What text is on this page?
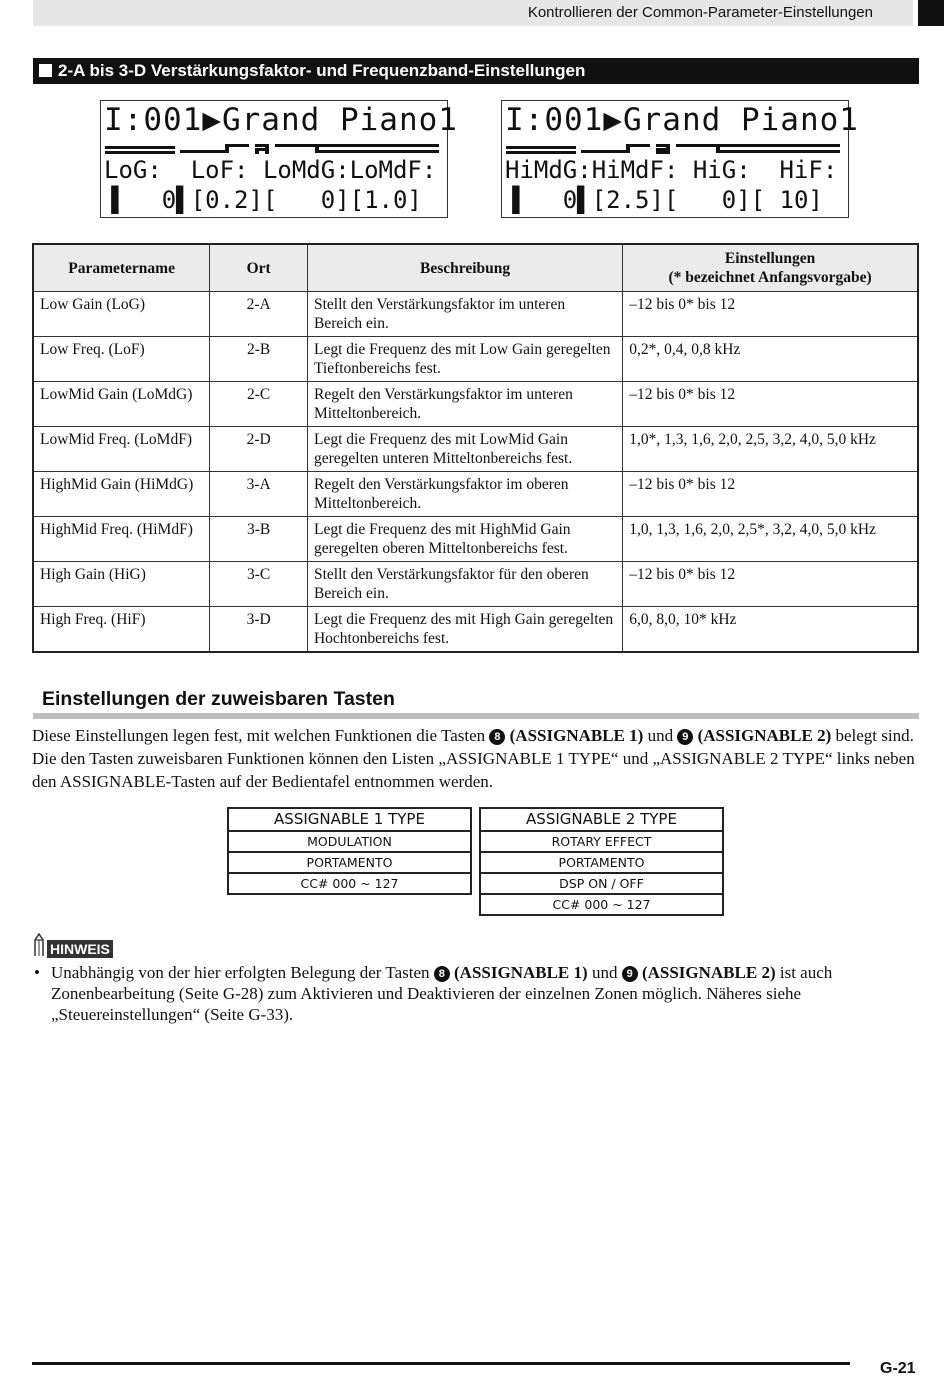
Kontrollieren der Common-Parameter-Einstellungen
2-A bis 3-D Verstärkungsfaktor- und Frequenzband-Einstellungen
I:001▶Grand Piano1
LoG:  LoF: LoMdG:LoMdF:
▐   0▌[0.2][   0][1.0]
I:001▶Grand Piano1
HiMdG:HiMdF: HiG:  HiF:
▐   0▌[2.5][   0][ 10]
Parametername	Ort	Beschreibung	Einstellungen
(* bezeichnet Anfangsvorgabe)
Low Gain (LoG)	2-A	Stellt den Verstärkungsfaktor im unteren Bereich ein.	–12 bis 0* bis 12
Low Freq. (LoF)	2-B	Legt die Frequenz des mit Low Gain geregelten Tieftonbereichs fest.	0,2*, 0,4, 0,8 kHz
LowMid Gain (LoMdG)	2-C	Regelt den Verstärkungsfaktor im unteren Mitteltonbereich.	–12 bis 0* bis 12
LowMid Freq. (LoMdF)	2-D	Legt die Frequenz des mit LowMid Gain geregelten unteren Mitteltonbereichs fest.	1,0*, 1,3, 1,6, 2,0, 2,5, 3,2, 4,0, 5,0 kHz
HighMid Gain (HiMdG)	3-A	Regelt den Verstärkungsfaktor im oberen Mitteltonbereich.	–12 bis 0* bis 12
HighMid Freq. (HiMdF)	3-B	Legt die Frequenz des mit HighMid Gain geregelten oberen Mitteltonbereichs fest.	1,0, 1,3, 1,6, 2,0, 2,5*, 3,2, 4,0, 5,0 kHz
High Gain (HiG)	3-C	Stellt den Verstärkungsfaktor für den oberen Bereich ein.	–12 bis 0* bis 12
High Freq. (HiF)	3-D	Legt die Frequenz des mit High Gain geregelten Hochtonbereichs fest.	6,0, 8,0, 10* kHz
Einstellungen der zuweisbaren Tasten
Diese Einstellungen legen fest, mit welchen Funktionen die Tasten 8 (ASSIGNABLE 1) und 9 (ASSIGNABLE 2) belegt sind. Die den Tasten zuweisbaren Funktionen können den Listen „ASSIGNABLE 1 TYPE“ und „ASSIGNABLE 2 TYPE“ links neben den ASSIGNABLE-Tasten auf der Bedientafel entnommen werden.
ASSIGNABLE 1 TYPE
MODULATION
PORTAMENTO
CC# 000 ~ 127
ASSIGNABLE 2 TYPE
ROTARY EFFECT
PORTAMENTO
DSP ON / OFF
CC# 000 ~ 127
HINWEIS
• Unabhängig von der hier erfolgten Belegung der Tasten 8 (ASSIGNABLE 1) und 9 (ASSIGNABLE 2) ist auch Zonenbearbeitung (Seite G-28) zum Aktivieren und Deaktivieren der einzelnen Zonen möglich. Näheres siehe „Steuereinstellungen“ (Seite G-33).
G-21
